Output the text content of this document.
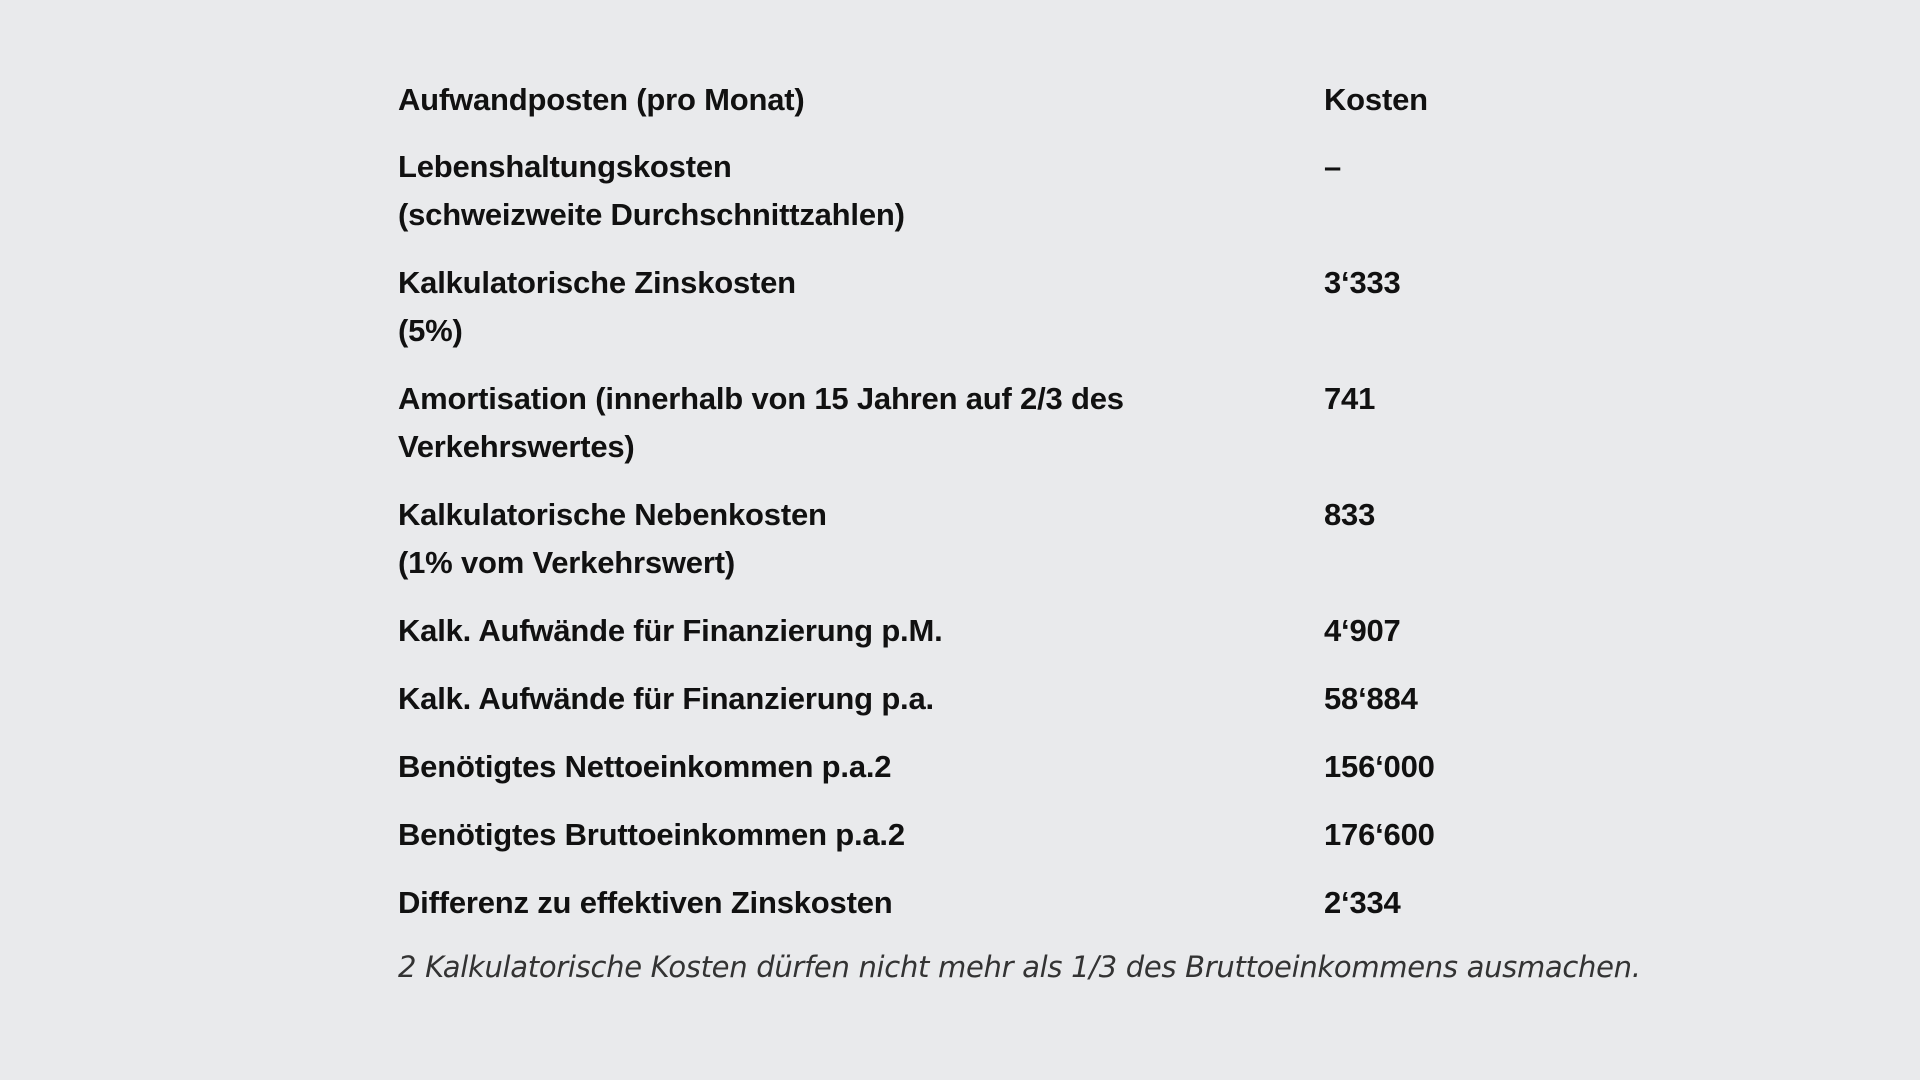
Aufwandposten (pro Monat)	Kosten
Lebenshaltungskosten
(schweizweite Durchschnittzahlen)	–
Kalkulatorische Zinskosten
(5%)	3‘333
Amortisation (innerhalb von 15 Jahren auf 2/3 des
Verkehrswertes)	741
Kalkulatorische Nebenkosten
(1% vom Verkehrswert)	833
Kalk. Aufwände für Finanzierung p.M.	4‘907
Kalk. Aufwände für Finanzierung p.a.	58‘884
Benötigtes Nettoeinkommen p.a.2	156‘000
Benötigtes Bruttoeinkommen p.a.2	176‘600
Differenz zu effektiven Zinskosten	2‘334
2 Kalkulatorische Kosten dürfen nicht mehr als 1/3 des Bruttoeinkommens ausmachen.
